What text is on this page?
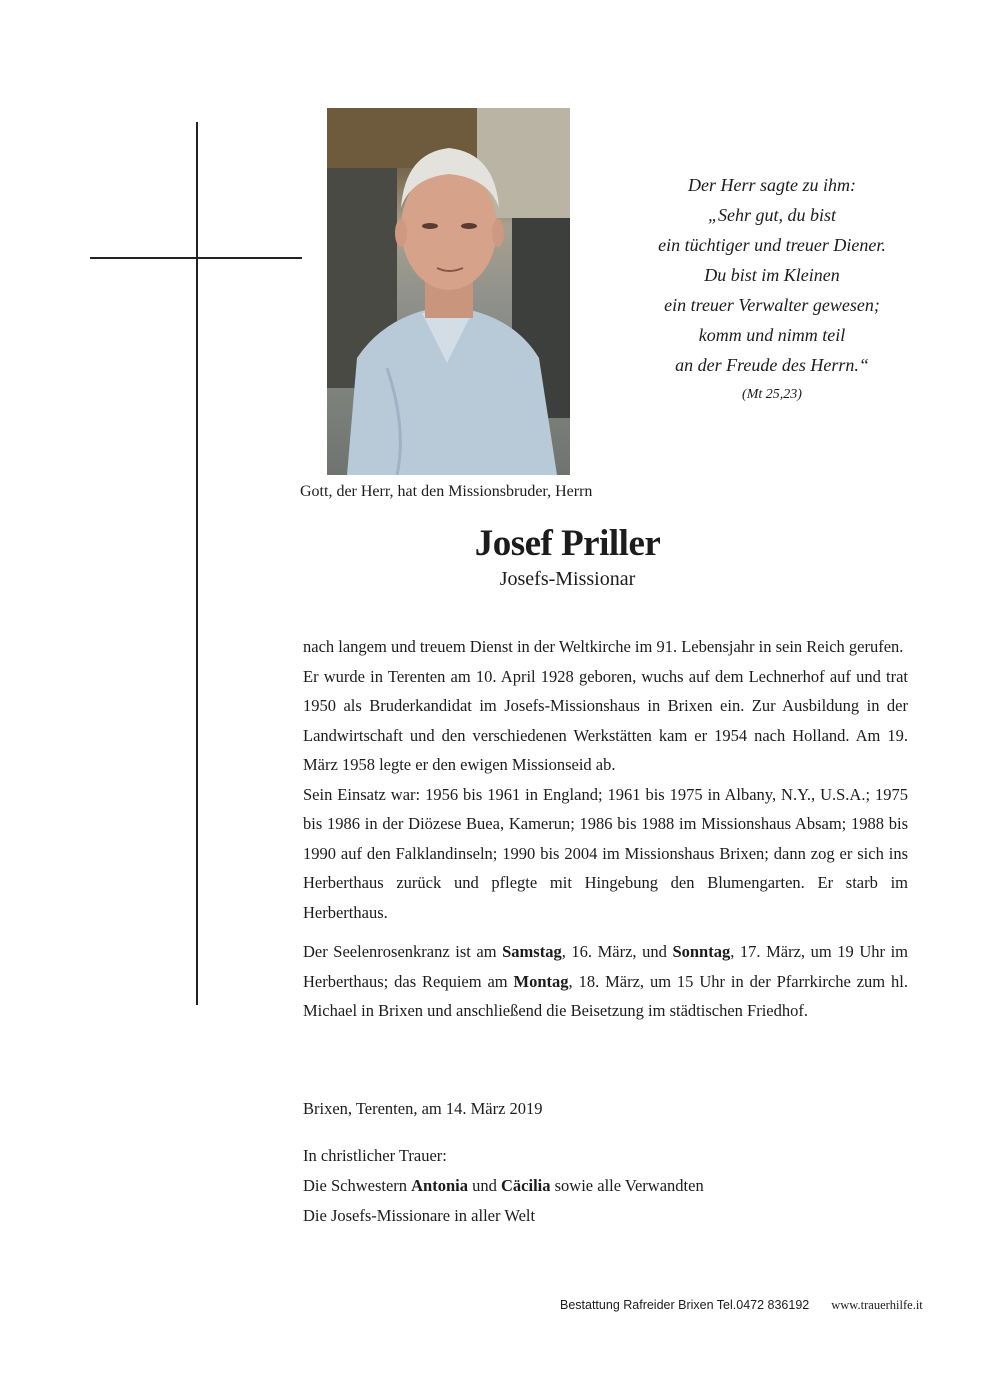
Der Herr sagte zu ihm:
„Sehr gut, du bist
ein tüchtiger und treuer Diener.
Du bist im Kleinen
ein treuer Verwalter gewesen;
komm und nimm teil
an der Freude des Herrn.“
(Mt 25,23)
Gott, der Herr, hat den Missionsbruder, Herrn
Josef Priller
Josefs-Missionar

nach langem und treuem Dienst in der Weltkirche im 91. Lebensjahr in sein Reich gerufen.

Er wurde in Terenten am 10. April 1928 geboren, wuchs auf dem Lechnerhof auf und trat 1950 als Bruderkandidat im Josefs-Missionshaus in Brixen ein. Zur Ausbildung in der Landwirtschaft und den verschiedenen Werkstätten kam er 1954 nach Holland. Am 19. März 1958 legte er den ewigen Missionseid ab.

Sein Einsatz war: 1956 bis 1961 in England; 1961 bis 1975 in Albany, N.Y., U.S.A.; 1975 bis 1986 in der Diözese Buea, Kamerun; 1986 bis 1988 im Missionshaus Absam; 1988 bis 1990 auf den Falklandinseln; 1990 bis 2004 im Missionshaus Brixen; dann zog er sich ins Herberthaus zurück und pflegte mit Hingebung den Blumengarten. Er starb im Herberthaus.

Der Seelenrosenkranz ist am Samstag, 16. März, und Sonntag, 17. März, um 19 Uhr im Herberthaus; das Requiem am Montag, 18. März, um 15 Uhr in der Pfarrkirche zum hl. Michael in Brixen und anschließend die Beisetzung im städtischen Friedhof.

Brixen, Terenten, am 14. März 2019
In christlicher Trauer:
Die Schwestern Antonia und Cäcilia sowie alle Verwandten
Die Josefs-Missionare in aller Welt
Bestattung Rafreider Brixen Tel.0472 836192 www.trauerhilfe.it
